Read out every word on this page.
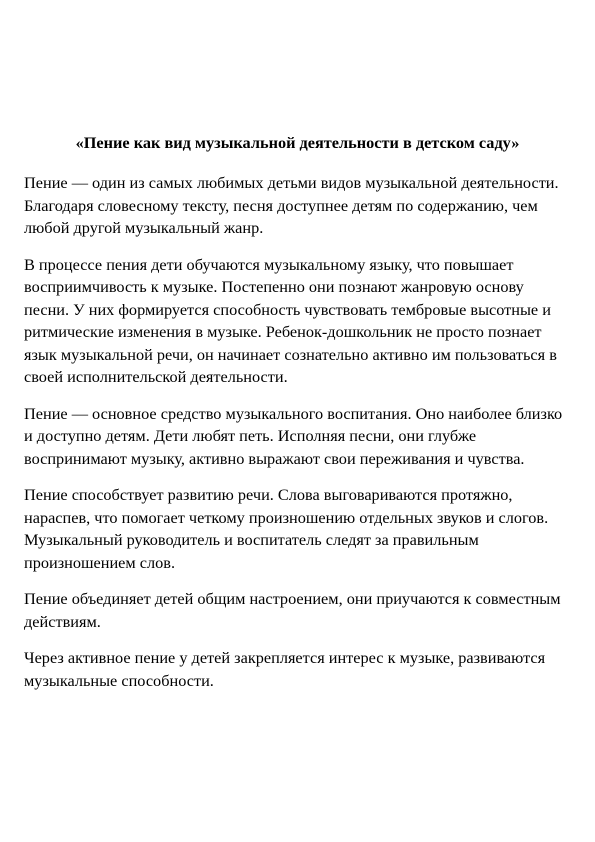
«Пение как вид музыкальной деятельности в детском саду»

Пение — один из самых любимых детьми видов музыкальной деятельности. Благодаря словесному тексту, песня доступнее детям по содержанию, чем любой другой музыкальный жанр.

В процессе пения дети обучаются музыкальному языку, что повышает восприимчивость к музыке. Постепенно они познают жанровую основу песни. У них формируется способность чувствовать тембровые высотные и ритмические изменения в музыке. Ребенок-дошкольник не просто познает язык музыкальной речи, он начинает сознательно активно им пользоваться в своей исполнительской деятельности.

Пение — основное средство музыкального воспитания. Оно наиболее близко и доступно детям. Дети любят петь. Исполняя песни, они глубже воспринимают музыку, активно выражают свои переживания и чувства.

Пение способствует развитию речи. Слова выговариваются протяжно, нараспев, что помогает четкому произношению отдельных звуков и слогов. Музыкальный руководитель и воспитатель следят за правильным произношением слов.

Пение объединяет детей общим настроением, они приучаются к совместным действиям.

Через активное пение у детей закрепляется интерес к музыке, развиваются музыкальные способности.
